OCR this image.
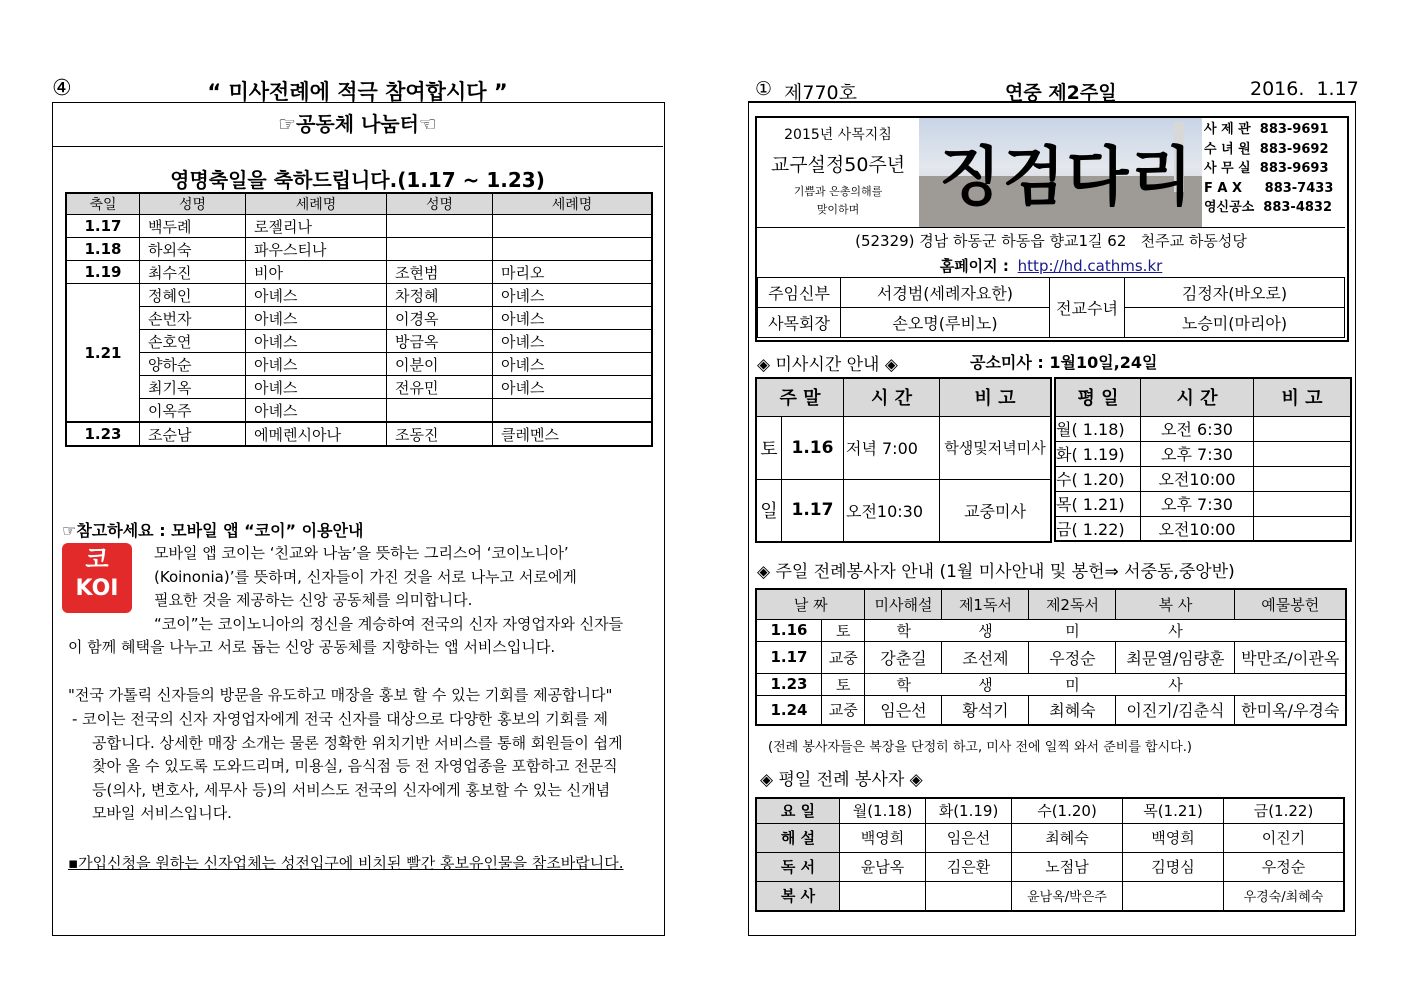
④	“ 미사전례에 적극 참여합시다 ”
☞공동체 나눔터☜
영명축일을 축하드립니다.(1.17 ~ 1.23)
축일	성명	세례명	성명	세례명
1.17	백두례	로젤리나		
1.18	하외숙	파우스티나		
1.19	최수진	비아	조현범	마리오
1.21	정혜인	아녜스	차정혜	아녜스
	손번자	아녜스	이경옥	아녜스
	손호연	아녜스	방금옥	아녜스
	양하순	아녜스	이분이	아녜스
	최기옥	아녜스	전유민	아녜스
	이옥주	아녜스		
1.23	조순남	에메렌시아나	조동진	클레멘스
☞참고하세요 : 모바일 앱 “코이” 이용안내
코
KOI
모바일 앱 코이는 ‘친교와 나눔’을 뜻하는 그리스어 ‘코이노니아’
(Koinonia)’를 뜻하며, 신자들이 가진 것을 서로 나누고 서로에게
필요한 것을 제공하는 신앙 공동체를 의미합니다.
“코이”는 코이노니아의 정신을 계승하여 전국의 신자 자영업자와 신자들
이 함께 혜택을 나누고 서로 돕는 신앙 공동체를 지향하는 앱 서비스입니다.
"전국 가톨릭 신자들의 방문을 유도하고 매장을 홍보 할 수 있는 기회를 제공합니다"
- 코이는 전국의 신자 자영업자에게 전국 신자를 대상으로 다양한 홍보의 기회를 제
공합니다. 상세한 매장 소개는 물론 정확한 위치기반 서비스를 통해 회원들이 쉽게
찾아 올 수 있도록 도와드리며, 미용실, 음식점 등 전 자영업종을 포함하고 전문직
등(의사, 변호사, 세무사 등)의 서비스도 전국의 신자에게 홍보할 수 있는 신개념
모바일 서비스입니다.
▪가입신청을 원하는 신자업체는 성전입구에 비치된 빨간 홍보유인물을 참조바랍니다.
① 제770호	연중 제2주일	2016.  1.17
2015년 사목지침
교구설정50주년
기쁨과 은총의해를
맞이하며	징검다리
사 제 관  883-9691
수 녀 원  883-9692
사 무 실  883-9693
F A X     883-7433
영신공소  883-4832
(52329) 경남 하동군 하동읍 향교1길 62   천주교 하동성당
홈페이지 : http://hd.cathms.kr
주임신부	서경범(세례자요한)	전교수녀	김정자(바오로)
사목회장	손오명(루비노)		노승미(마리아)
◈ 미사시간 안내 ◈	공소미사 : 1월10일,24일
주 말		시 간	비 고
토	1.16	저녁 7:00	학생및저녁미사
일	1.17	오전10:30	교중미사
평 일	시 간	비 고
월( 1.18)	오전 6:30	
화( 1.19)	오후 7:30	
수( 1.20)	오전10:00	
목( 1.21)	오후 7:30	
금( 1.22)	오전10:00	
◈ 주일 전례봉사자 안내 (1월 미사안내 및 봉헌⇒ 서중동,중앙반)
날 짜		미사해설	제1독서	제2독서	복 사	예물봉헌
1.16	토	학	생	미	사	
1.17	교중	강춘길	조선제	우정순	최문열/임량훈	박만조/이관옥
1.23	토	학	생	미	사	
1.24	교중	임은선	황석기	최혜숙	이진기/김춘식	한미옥/우경숙
(전례 봉사자들은 복장을 단정히 하고, 미사 전에 일찍 와서 준비를 합시다.)
◈ 평일 전례 봉사자 ◈
요 일	월(1.18)	화(1.19)	수(1.20)	목(1.21)	금(1.22)
해 설	백영희	임은선	최혜숙	백영희	이진기
독 서	윤남옥	김은환	노점남	김명심	우정순
복 사			윤남옥/박은주		우경숙/최혜숙
